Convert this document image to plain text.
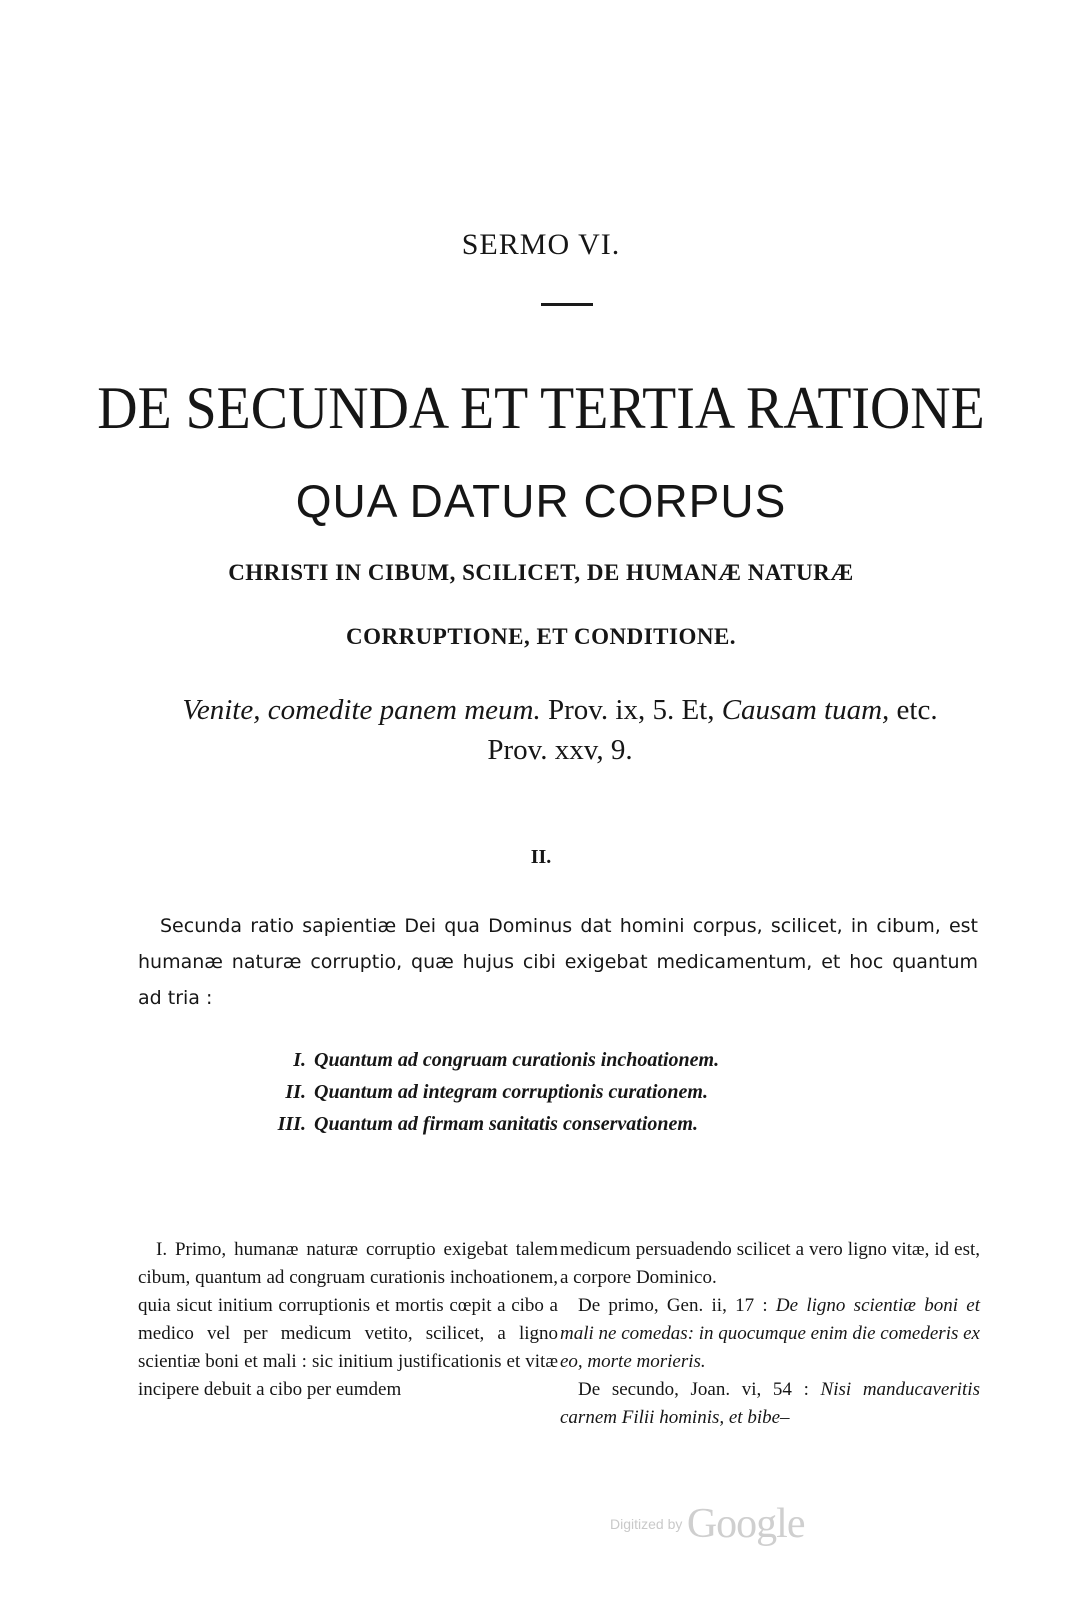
SERMO VI.
DE SECUNDA ET TERTIA RATIONE
QUA DATUR CORPUS
CHRISTI IN CIBUM, SCILICET, DE HUMANÆ NATURÆ
CORRUPTIONE, ET CONDITIONE.
Venite, comedite panem meum. Prov. ix, 5. Et, Causam tuam, etc. Prov. xxv, 9.
II.

Secunda ratio sapientiæ Dei qua Dominus dat homini corpus, scilicet, in cibum, est humanæ naturæ corruptio, quæ hujus cibi exigebat medicamentum, et hoc quantum ad tria :

I. Quantum ad congruam curationis inchoationem.
II. Quantum ad integram corruptionis curationem.
III. Quantum ad firmam sanitatis conservationem.

I. Primo, humanæ naturæ corruptio exigebat talem cibum, quantum ad congruam curationis inchoationem, quia sicut initium corruptionis et mortis cœpit a cibo a medico vel per medicum vetito, scilicet, a ligno scientiæ boni et mali : sic initium justificationis et vitæ incipere debuit a cibo per eumdem

medicum persuadendo scilicet a vero ligno vitæ, id est, a corpore Dominico.

De primo, Gen. ii, 17 : De ligno scientiæ boni et mali ne comedas: in quocumque enim die comederis ex eo, morte morieris.

De secundo, Joan. vi, 54 : Nisi manducaveritis carnem Filii hominis, et bibe–

Digitized by Google
